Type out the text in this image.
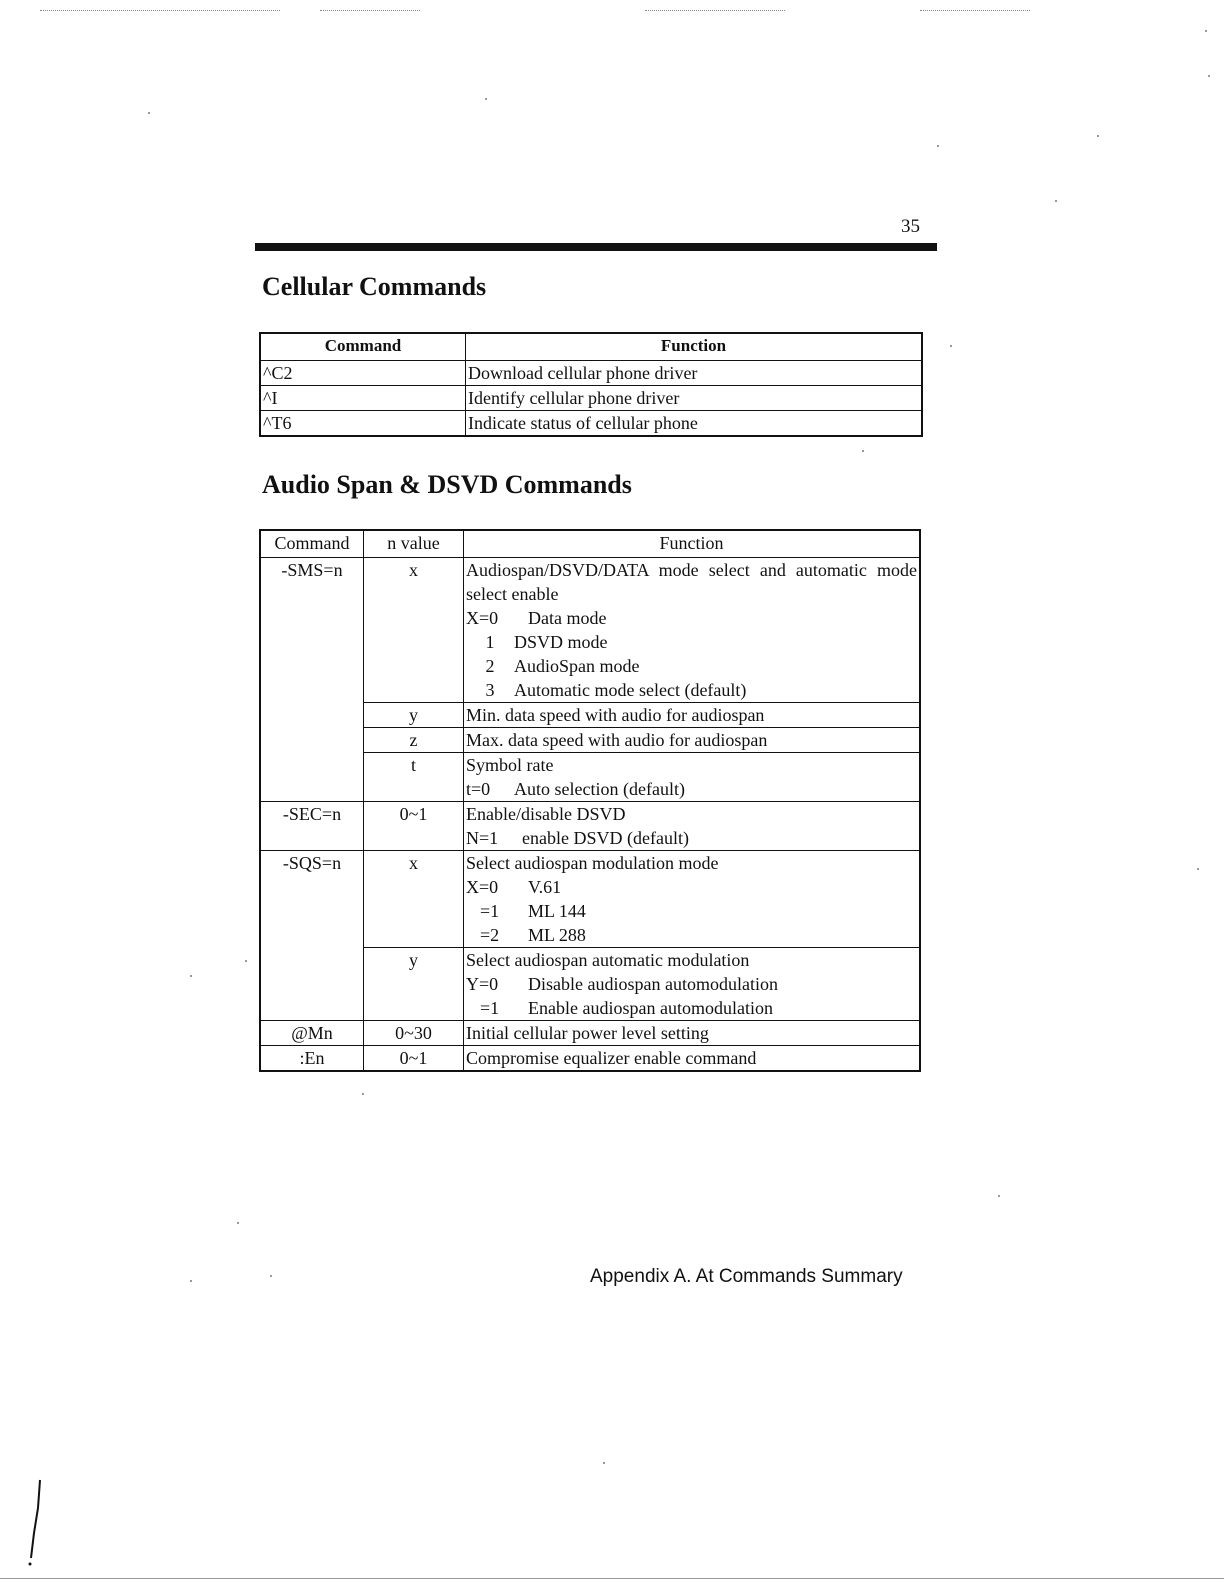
35
Cellular Commands
Command	Function
^C2	Download cellular phone driver
^I	Identify cellular phone driver
^T6	Indicate status of cellular phone
Audio Span & DSVD Commands
Command	n value	Function
-SMS=n	x	Audiospan/DSVD/DATA mode select and automatic mode select enable
X=0 Data mode
1 DSVD mode
2 AudioSpan mode
3 Automatic mode select (default)

	y	Min. data speed with audio for audiospan
	z	Max. data speed with audio for audiospan
	t	Symbol rate
t=0 Auto selection (default)

-SEC=n	0~1	Enable/disable DSVD
N=1 enable DSVD (default)

-SQS=n	x	Select audiospan modulation mode
X=0 V.61
=1 ML 144
=2 ML 288

	y	Select audiospan automatic modulation
Y=0 Disable audiospan automodulation
=1 Enable audiospan automodulation

@Mn	0~30	Initial cellular power level setting
:En	0~1	Compromise equalizer enable command
Appendix A. At Commands Summary
